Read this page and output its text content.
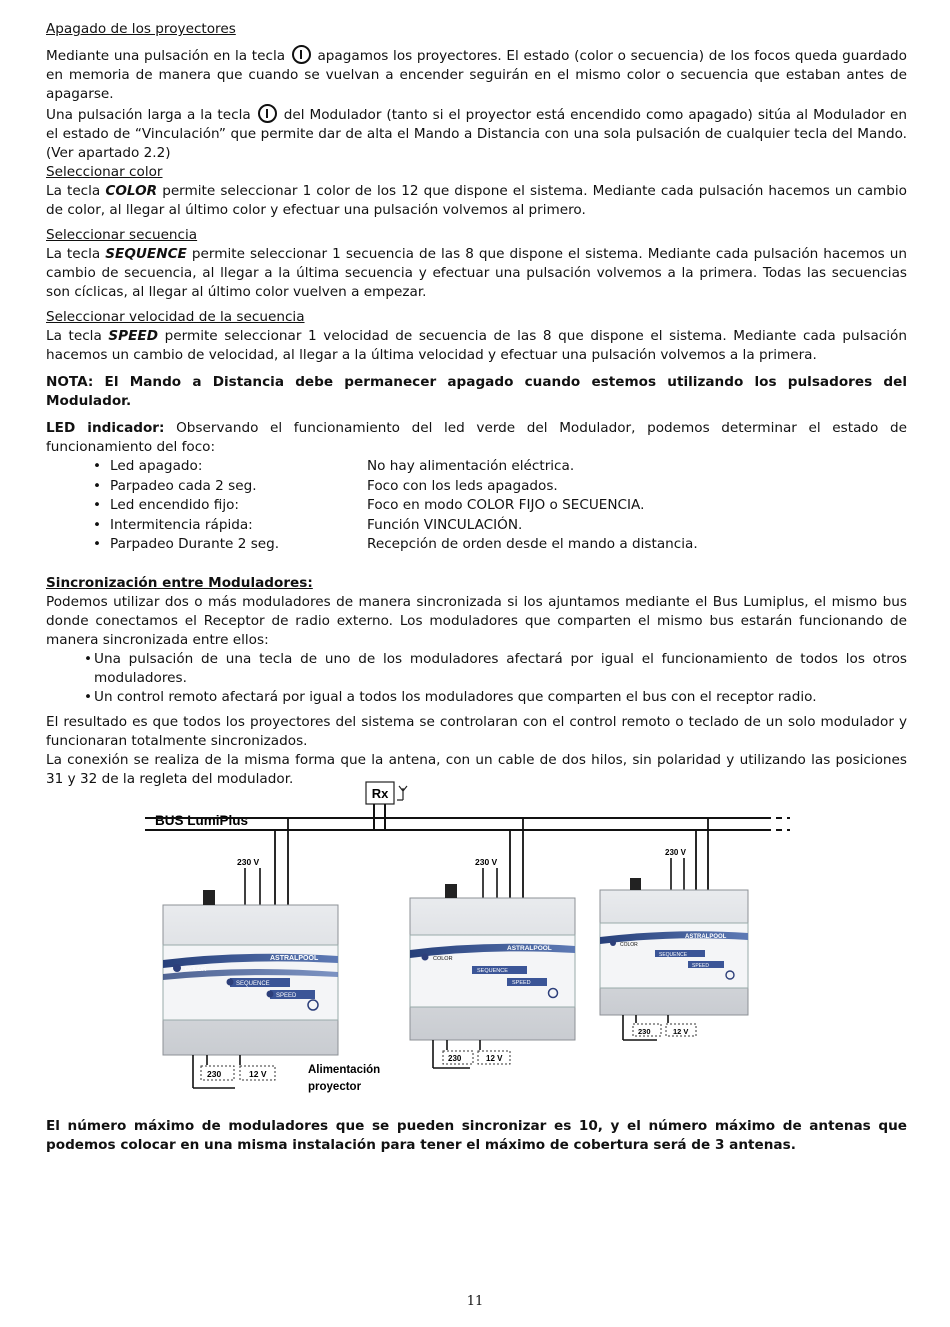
Apagado de los proyectores

Mediante una pulsación en la tecla apagamos los proyectores. El estado (color o secuencia) de los focos queda guardado en memoria de manera que cuando se vuelvan a encender seguirán en el mismo color o secuencia que estaban antes de apagarse.

Una pulsación larga a la tecla del Modulador (tanto si el proyector está encendido como apagado) sitúa al Modulador en el estado de “Vinculación” que permite dar de alta el Mando a Distancia con una sola pulsación de cualquier tecla del Mando. (Ver apartado 2.2)

Seleccionar color

La tecla COLOR permite seleccionar 1 color de los 12 que dispone el sistema. Mediante cada pulsación hacemos un cambio de color, al llegar al último color y efectuar una pulsación volvemos al primero.

Seleccionar secuencia

La tecla SEQUENCE permite seleccionar 1 secuencia de las 8 que dispone el sistema. Mediante cada pulsación hacemos un cambio de secuencia, al llegar a la última secuencia y efectuar una pulsación volvemos a la primera. Todas las secuencias son cíclicas, al llegar al último color vuelven a empezar.

Seleccionar velocidad de la secuencia

La tecla SPEED permite seleccionar 1 velocidad de secuencia de las 8 que dispone el sistema. Mediante cada pulsación hacemos un cambio de velocidad, al llegar a la última velocidad y efectuar una pulsación volvemos a la primera.

NOTA: El Mando a Distancia debe permanecer apagado cuando estemos utilizando los pulsadores del Modulador.

LED indicador: Observando el funcionamiento del led verde del Modulador, podemos determinar el estado de funcionamiento del foco:

• Led apagado:	No hay alimentación eléctrica.
• Parpadeo cada 2 seg.	Foco con los leds apagados.
• Led encendido fijo:	Foco en modo COLOR FIJO o SECUENCIA.
• Intermitencia rápida:	Función VINCULACIÓN.
• Parpadeo Durante 2 seg.	Recepción de orden desde el mando a distancia.

Sincronización entre Moduladores:

Podemos utilizar dos o más moduladores de manera sincronizada si los ajuntamos mediante el Bus Lumiplus, el mismo bus donde conectamos el Receptor de radio externo. Los moduladores que comparten el mismo bus estarán funcionando de manera sincronizada entre ellos:

• Una pulsación de una tecla de uno de los moduladores afectará por igual el funcionamiento de todos los otros moduladores.
• Un control remoto afectará por igual a todos los moduladores que comparten el bus con el receptor radio.

El resultado es que todos los proyectores del sistema se controlaran con el control remoto o teclado de un solo modulador y funcionaran totalmente sincronizados.

La conexión se realiza de la misma forma que la antena, con un cable de dos hilos, sin polaridad y utilizando las posiciones 31 y 32 de la regleta del modulador.

Rx
BUS LumiPlus
230 V
ASTRALPOOL
COLOR
SEQUENCE
SPEED
230	12 V	Alimentación
proyector
230 V
ASTRALPOOL
COLOR
SEQUENCE
SPEED
230	12 V
230 V
ASTRALPOOL
COLOR
SEQUENCE
SPEED
230	12 V

El número máximo de moduladores que se pueden sincronizar es 10, y el número máximo de antenas que podemos colocar en una misma instalación para tener el máximo de cobertura será de 3 antenas.

11
